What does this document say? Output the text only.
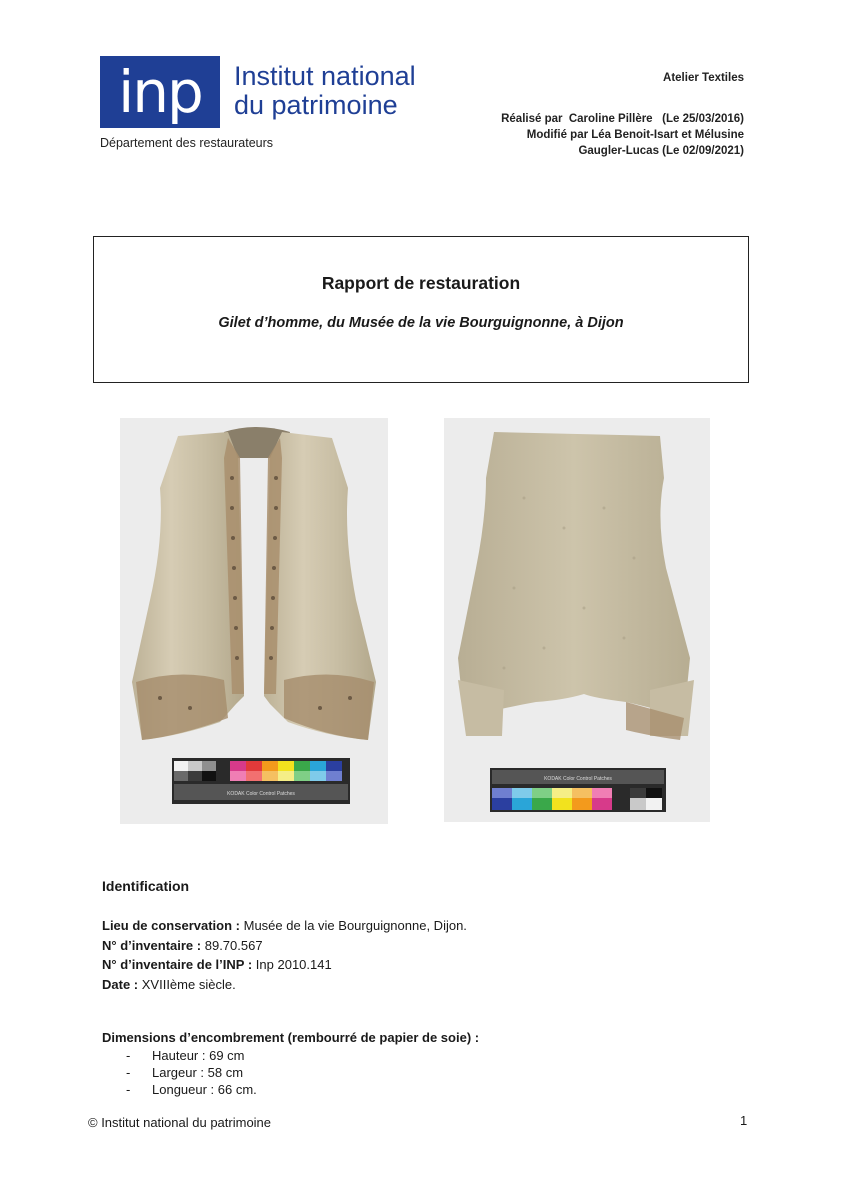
inp	Institut national
du patrimoine
Département des restaurateurs
Atelier Textiles
Réalisé par  Caroline Pillère   (Le 25/03/2016)
Modifié par Léa Benoit-Isart et Mélusine
Gaugler-Lucas (Le 02/09/2021)
Rapport de restauration
Gilet d’homme, du Musée de la vie Bourguignonne, à Dijon
KODAK Color Control Patches
KODAK Color Control Patches
Identification
Lieu de conservation : Musée de la vie Bourguignonne, Dijon.
N° d’inventaire : 89.70.567
N° d’inventaire de l’INP : Inp 2010.141
Date : XVIIIème siècle.
Dimensions d’encombrement (rembourré de papier de soie) :
-	Hauteur : 69 cm
-	Largeur : 58 cm
-	Longueur : 66 cm.
© Institut national du patrimoine	1
